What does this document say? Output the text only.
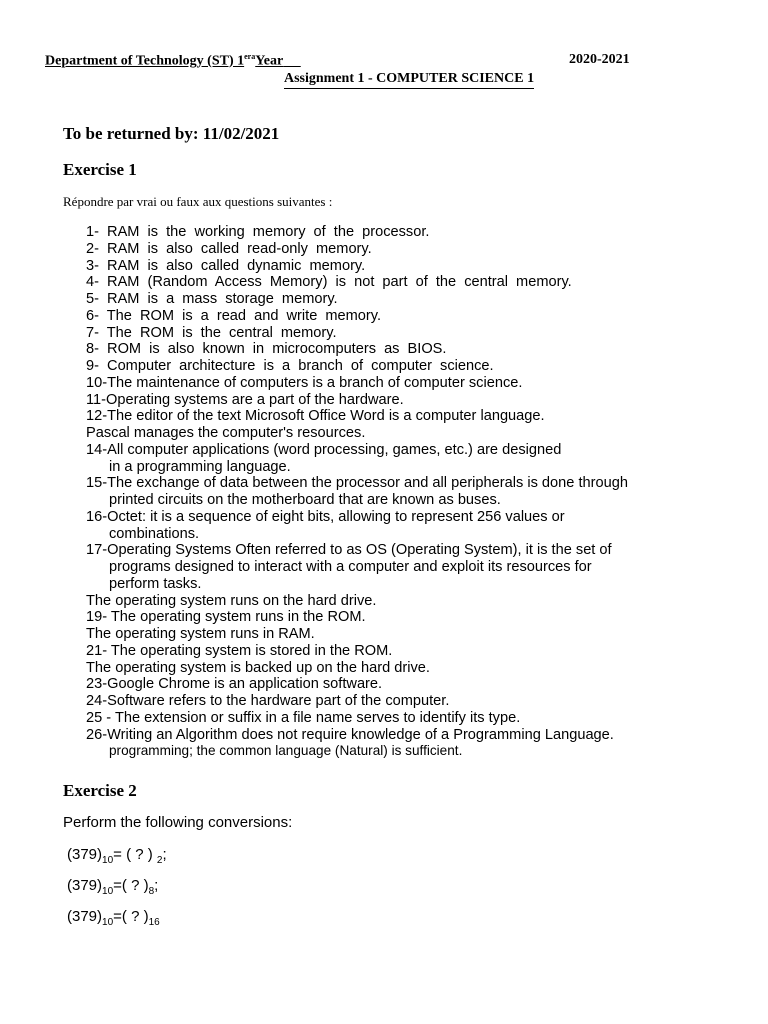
Department of Technology (ST) $1^{era}Year$	2020-2021
Assignment 1 - COMPUTER SCIENCE 1
To be returned by: 11/02/2021
Exercise 1
Répondre par vrai ou faux aux questions suivantes :
1- RAM is the working memory of the processor.
2- RAM is also called read-only memory.
3- RAM is also called dynamic memory.
4- RAM (Random Access Memory) is not part of the central memory.
5- RAM is a mass storage memory.
6- The ROM is a read and write memory.
7- The ROM is the central memory.
8- ROM is also known in microcomputers as BIOS.
9- Computer architecture is a branch of computer science.
10-The maintenance of computers is a branch of computer science.
11-Operating systems are a part of the hardware.
12-The editor of the text Microsoft Office Word is a computer language.
Pascal manages the computer's resources.
14-All computer applications (word processing, games, etc.) are designed
in a programming language.
15-The exchange of data between the processor and all peripherals is done through
printed circuits on the motherboard that are known as buses.
16-Octet: it is a sequence of eight bits, allowing to represent 256 values or
combinations.
17-Operating Systems Often referred to as OS (Operating System), it is the set of
programs designed to interact with a computer and exploit its resources for
perform tasks.
The operating system runs on the hard drive.
19- The operating system runs in the ROM.
The operating system runs in RAM.
21- The operating system is stored in the ROM.
The operating system is backed up on the hard drive.
23-Google Chrome is an application software.
24-Software refers to the hardware part of the computer.
25 - The extension or suffix in a file name serves to identify its type.
26-Writing an Algorithm does not require knowledge of a Programming Language.
programming; the common language (Natural) is sufficient.
Exercise 2
Perform the following conversions:
$(379)_{10}=$ ( ? ) $_2$;
$(379)_{10}=$( ? )$_8$;
$(379)_{10}=$( ? )$_{16}$
